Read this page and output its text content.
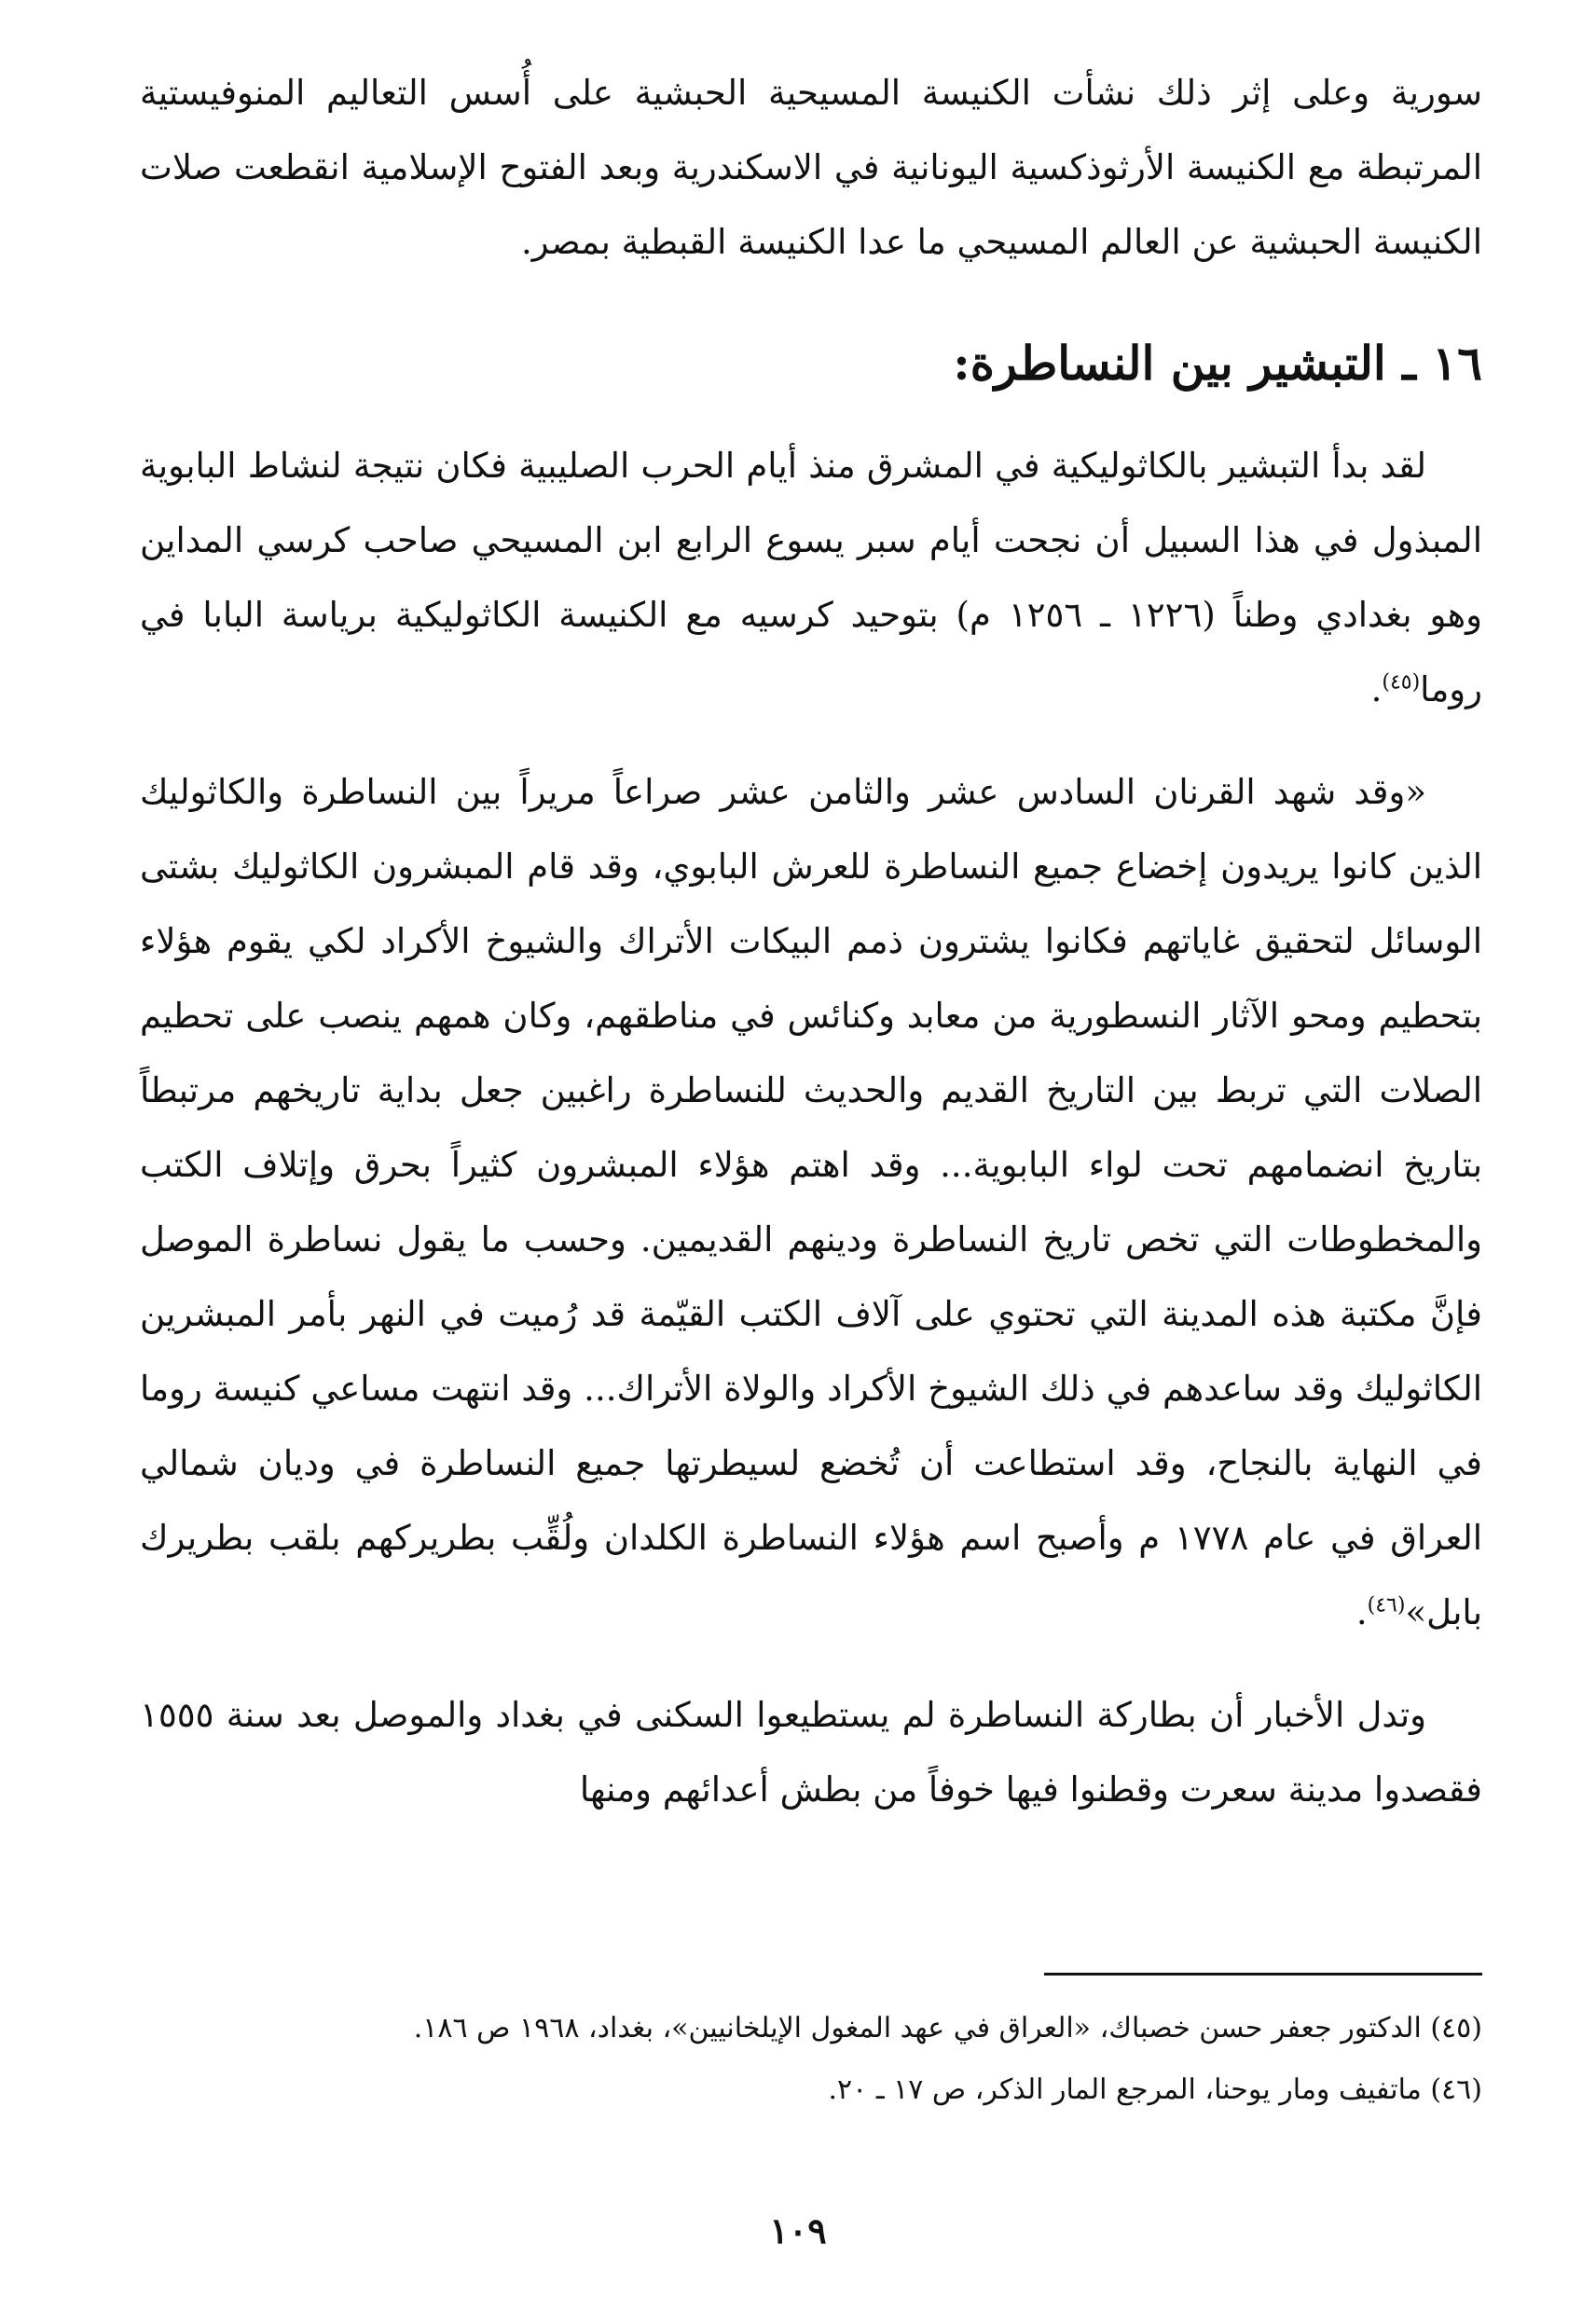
سورية وعلى إثر ذلك نشأت الكنيسة المسيحية الحبشية على أُسس التعاليم المنوفيستية المرتبطة مع الكنيسة الأرثوذكسية اليونانية في الاسكندرية وبعد الفتوح الإسلامية انقطعت صلات الكنيسة الحبشية عن العالم المسيحي ما عدا الكنيسة القبطية بمصر.

١٦ ـ التبشير بين النساطرة:

لقد بدأ التبشير بالكاثوليكية في المشرق منذ أيام الحرب الصليبية فكان نتيجة لنشاط البابوية المبذول في هذا السبيل أن نجحت أيام سبر يسوع الرابع ابن المسيحي صاحب كرسي المداين وهو بغدادي وطناً (١٢٢٦ ـ ١٢٥٦ م) بتوحيد كرسيه مع الكنيسة الكاثوليكية برياسة البابا في روما$^{(٤٥)}$.

«وقد شهد القرنان السادس عشر والثامن عشر صراعاً مريراً بين النساطرة والكاثوليك الذين كانوا يريدون إخضاع جميع النساطرة للعرش البابوي، وقد قام المبشرون الكاثوليك بشتى الوسائل لتحقيق غاياتهم فكانوا يشترون ذمم البيكات الأتراك والشيوخ الأكراد لكي يقوم هؤلاء بتحطيم ومحو الآثار النسطورية من معابد وكنائس في مناطقهم، وكان همهم ينصب على تحطيم الصلات التي تربط بين التاريخ القديم والحديث للنساطرة راغبين جعل بداية تاريخهم مرتبطاً بتاريخ انضمامهم تحت لواء البابوية... وقد اهتم هؤلاء المبشرون كثيراً بحرق وإتلاف الكتب والمخطوطات التي تخص تاريخ النساطرة ودينهم القديمين. وحسب ما يقول نساطرة الموصل فإنَّ مكتبة هذه المدينة التي تحتوي على آلاف الكتب القيّمة قد رُميت في النهر بأمر المبشرين الكاثوليك وقد ساعدهم في ذلك الشيوخ الأكراد والولاة الأتراك... وقد انتهت مساعي كنيسة روما في النهاية بالنجاح، وقد استطاعت أن تُخضع لسيطرتها جميع النساطرة في وديان شمالي العراق في عام ١٧٧٨ م وأصبح اسم هؤلاء النساطرة الكلدان ولُقِّب بطريركهم بلقب بطريرك بابل»$^{(٤٦)}$.

وتدل الأخبار أن بطاركة النساطرة لم يستطيعوا السكنى في بغداد والموصل بعد سنة ١٥٥٥ فقصدوا مدينة سعرت وقطنوا فيها خوفاً من بطش أعدائهم ومنها

(٤٥) الدكتور جعفر حسن خصباك، «العراق في عهد المغول الإيلخانيين»، بغداد، ١٩٦٨ ص ١٨٦.

(٤٦) ماتفيف ومار يوحنا، المرجع المار الذكر، ص ١٧ ـ ٢٠.

١٠٩
